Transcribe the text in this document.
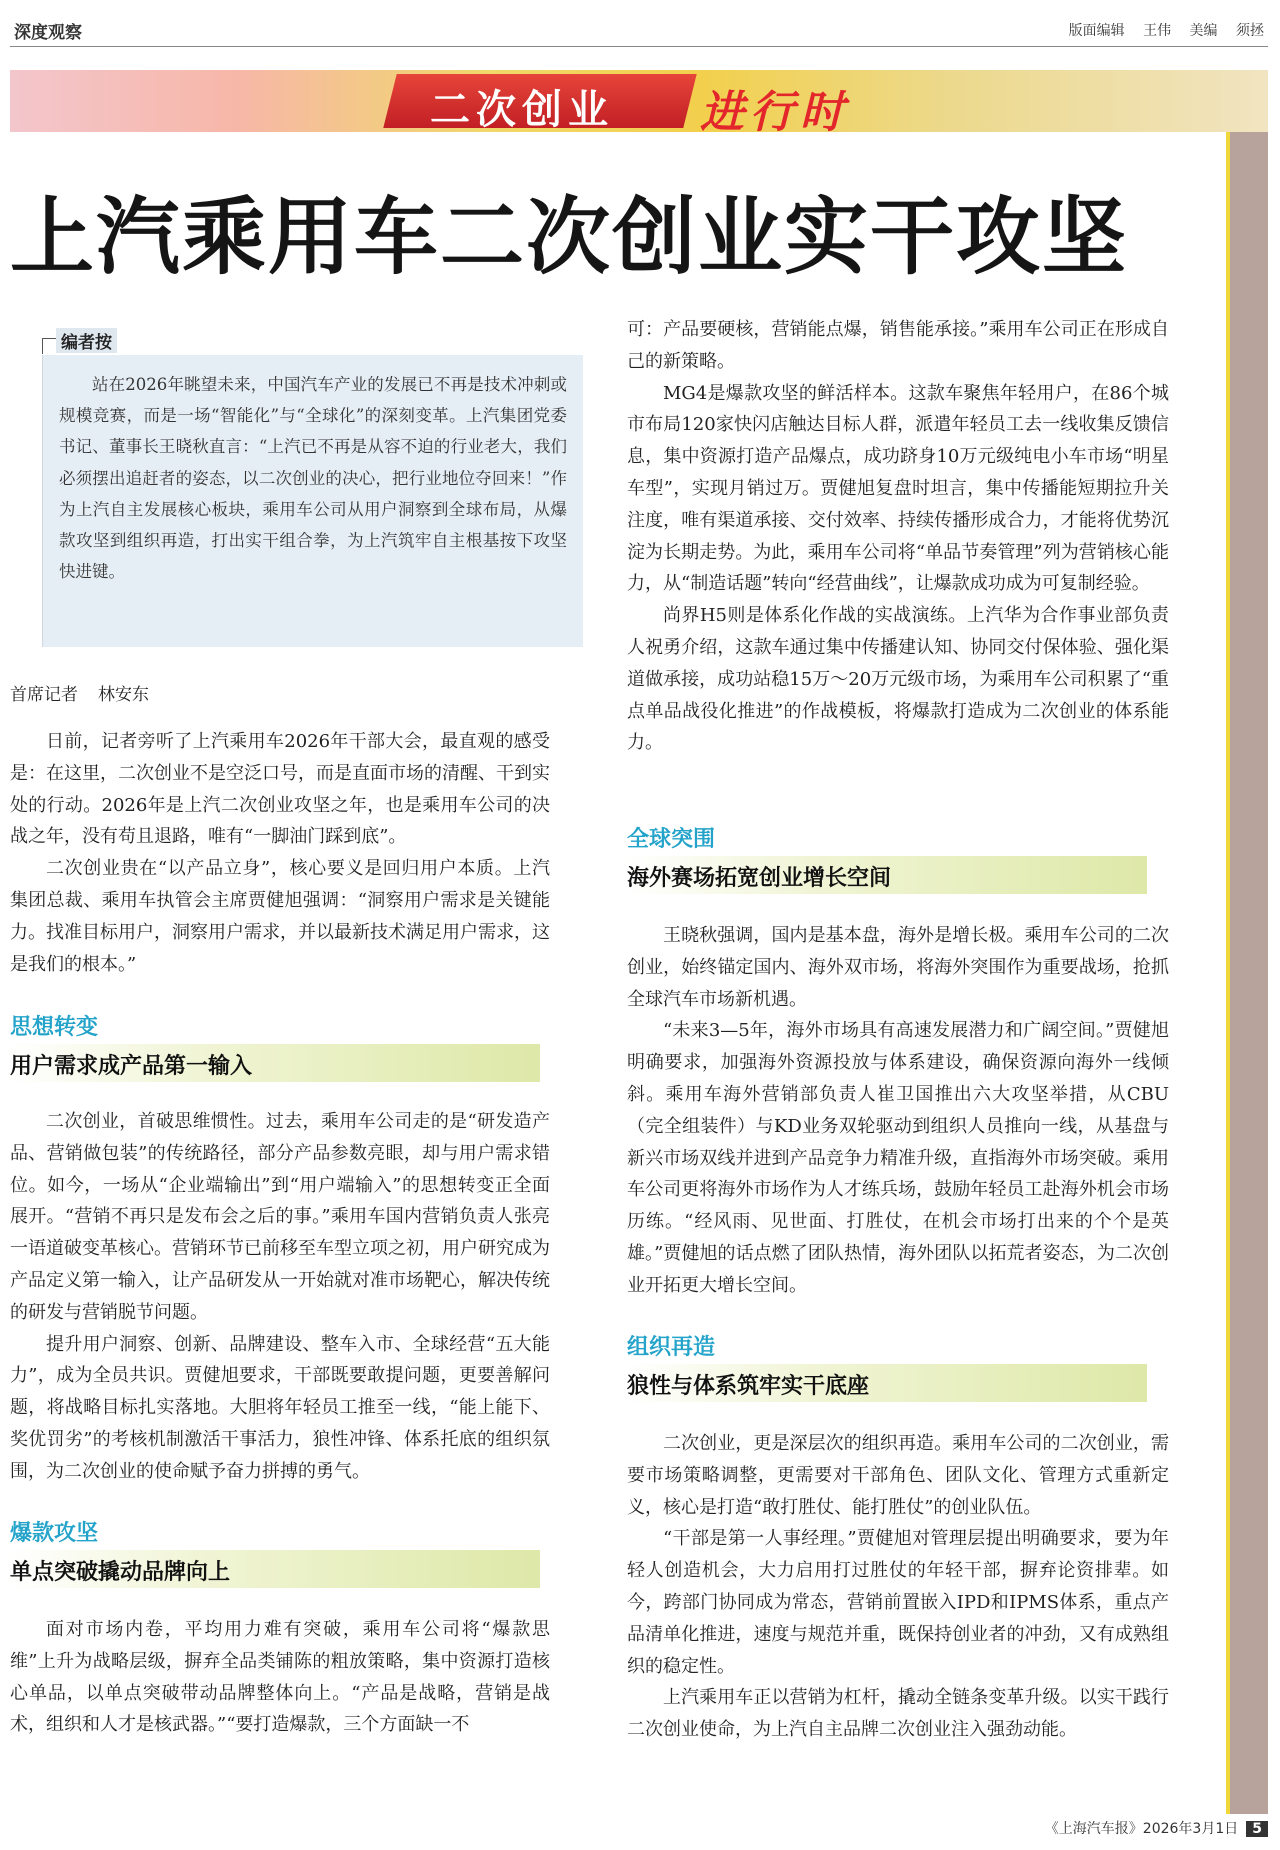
深度观察	版面编辑 王伟 美编 须拯
二次创业 进行时
上汽乘用车二次创业实干攻坚
编者按
站在2026年眺望未来，中国汽车产业的发展已不再是技术冲刺或规模竞赛，而是一场“智能化”与“全球化”的深刻变革。上汽集团党委书记、董事长王晓秋直言：“上汽已不再是从容不迫的行业老大，我们必须摆出追赶者的姿态，以二次创业的决心，把行业地位夺回来！”作为上汽自主发展核心板块，乘用车公司从用户洞察到全球布局，从爆款攻坚到组织再造，打出实干组合拳，为上汽筑牢自主根基按下攻坚快进键。
首席记者 林安东

日前，记者旁听了上汽乘用车2026年干部大会，最直观的感受是：在这里，二次创业不是空泛口号，而是直面市场的清醒、干到实处的行动。2026年是上汽二次创业攻坚之年，也是乘用车公司的决战之年，没有苟且退路，唯有“一脚油门踩到底”。

二次创业贵在“以产品立身”，核心要义是回归用户本质。上汽集团总裁、乘用车执管会主席贾健旭强调：“洞察用户需求是关键能力。找准目标用户，洞察用户需求，并以最新技术满足用户需求，这是我们的根本。”

思想转变
用户需求成产品第一输入

二次创业，首破思维惯性。过去，乘用车公司走的是“研发造产品、营销做包装”的传统路径，部分产品参数亮眼，却与用户需求错位。如今，一场从“企业端输出”到“用户端输入”的思想转变正全面展开。“营销不再只是发布会之后的事。”乘用车国内营销负责人张亮一语道破变革核心。营销环节已前移至车型立项之初，用户研究成为产品定义第一输入，让产品研发从一开始就对准市场靶心，解决传统的研发与营销脱节问题。

提升用户洞察、创新、品牌建设、整车入市、全球经营“五大能力”，成为全员共识。贾健旭要求，干部既要敢提问题，更要善解问题，将战略目标扎实落地。大胆将年轻员工推至一线，“能上能下、奖优罚劣”的考核机制激活干事活力，狼性冲锋、体系托底的组织氛围，为二次创业的使命赋予奋力拼搏的勇气。

爆款攻坚
单点突破撬动品牌向上

面对市场内卷，平均用力难有突破，乘用车公司将“爆款思维”上升为战略层级，摒弃全品类铺陈的粗放策略，集中资源打造核心单品，以单点突破带动品牌整体向上。“产品是战略，营销是战术，组织和人才是核武器。”“要打造爆款，三个方面缺一不

可：产品要硬核，营销能点爆，销售能承接。”乘用车公司正在形成自己的新策略。

MG4是爆款攻坚的鲜活样本。这款车聚焦年轻用户，在86个城市布局120家快闪店触达目标人群，派遣年轻员工去一线收集反馈信息，集中资源打造产品爆点，成功跻身10万元级纯电小车市场“明星车型”，实现月销过万。贾健旭复盘时坦言，集中传播能短期拉升关注度，唯有渠道承接、交付效率、持续传播形成合力，才能将优势沉淀为长期走势。为此，乘用车公司将“单品节奏管理”列为营销核心能力，从“制造话题”转向“经营曲线”，让爆款成功成为可复制经验。

尚界H5则是体系化作战的实战演练。上汽华为合作事业部负责人祝勇介绍，这款车通过集中传播建认知、协同交付保体验、强化渠道做承接，成功站稳15万～20万元级市场，为乘用车公司积累了“重点单品战役化推进”的作战模板，将爆款打造成为二次创业的体系能力。

全球突围
海外赛场拓宽创业增长空间

王晓秋强调，国内是基本盘，海外是增长极。乘用车公司的二次创业，始终锚定国内、海外双市场，将海外突围作为重要战场，抢抓全球汽车市场新机遇。

“未来3—5年，海外市场具有高速发展潜力和广阔空间。”贾健旭明确要求，加强海外资源投放与体系建设，确保资源向海外一线倾斜。乘用车海外营销部负责人崔卫国推出六大攻坚举措，从CBU（完全组装件）与KD业务双轮驱动到组织人员推向一线，从基盘与新兴市场双线并进到产品竞争力精准升级，直指海外市场突破。乘用车公司更将海外市场作为人才练兵场，鼓励年轻员工赴海外机会市场历练。“经风雨、见世面、打胜仗，在机会市场打出来的个个是英雄。”贾健旭的话点燃了团队热情，海外团队以拓荒者姿态，为二次创业开拓更大增长空间。

组织再造
狼性与体系筑牢实干底座

二次创业，更是深层次的组织再造。乘用车公司的二次创业，需要市场策略调整，更需要对干部角色、团队文化、管理方式重新定义，核心是打造“敢打胜仗、能打胜仗”的创业队伍。

“干部是第一人事经理。”贾健旭对管理层提出明确要求，要为年轻人创造机会，大力启用打过胜仗的年轻干部，摒弃论资排辈。如今，跨部门协同成为常态，营销前置嵌入IPD和IPMS体系，重点产品清单化推进，速度与规范并重，既保持创业者的冲劲，又有成熟组织的稳定性。

上汽乘用车正以营销为杠杆，撬动全链条变革升级。以实干践行二次创业使命，为上汽自主品牌二次创业注入强劲动能。

《上海汽车报》2026年3月1日 5
